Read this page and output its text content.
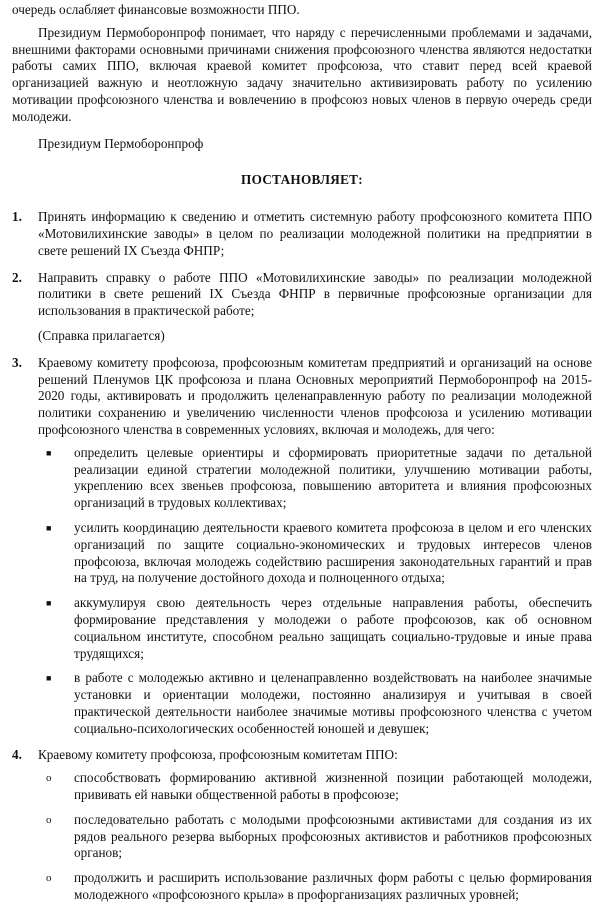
очередь ослабляет финансовые возможности ППО.

Президиум Пермоборонпроф понимает, что наряду с перечисленными проблемами и задачами, внешними факторами основными причинами снижения профсоюзного членства являются недостатки работы самих ППО, включая краевой комитет профсоюза, что ставит перед всей краевой организацией важную и неотложную задачу значительно активизировать работу по усилению мотивации профсоюзного членства и вовлечению в профсоюз новых членов в первую очередь среди молодежи.

Президиум Пермоборонпроф

ПОСТАНОВЛЯЕТ:
1.	Принять информацию к сведению и отметить системную работу профсоюзного комитета ППО «Мотовилихинские заводы» в целом по реализации молодежной политики на предприятии в свете решений IX Съезда ФНПР;
2.	Направить справку о работе ППО «Мотовилихинские заводы» по реализации молодежной политики в свете решений IX Съезда ФНПР в первичные профсоюзные организации для использования в практической работе;

(Справка прилагается)

3.	Краевому комитету профсоюза, профсоюзным комитетам предприятий и организаций на основе решений Пленумов ЦК профсоюза и плана Основных мероприятий Пермоборонпроф на 2015-2020 годы, активировать и продолжить целенаправленную работу по реализации молодежной политики сохранению и увеличению численности членов профсоюза и усилению мотивации профсоюзного членства в современных условиях, включая и молодежь, для чего:
■	определить целевые ориентиры и сформировать приоритетные задачи по детальной реализации единой стратегии молодежной политики, улучшению мотивации работы, укреплению всех звеньев профсоюза, повышению авторитета и влияния профсоюзных организаций в трудовых коллективах;
■	усилить координацию деятельности краевого комитета профсоюза в целом и его членских организаций по защите социально-экономических и трудовых интересов членов профсоюза, включая молодежь содействию расширения законодательных гарантий и прав на труд, на получение достойного дохода и полноценного отдыха;
■	аккумулируя свою деятельность через отдельные направления работы, обеспечить формирование представления у молодежи о работе профсоюзов, как об основном социальном институте, способном реально защищать социально-трудовые и иные права трудящихся;
■	в работе с молодежью активно и целенаправленно воздействовать на наиболее значимые установки и ориентации молодежи, постоянно анализируя и учитывая в своей практической деятельности наиболее значимые мотивы профсоюзного членства с учетом социально-психологических особенностей юношей и девушек;
4.	Краевому комитету профсоюза, профсоюзным комитетам ППО:
o	способствовать формированию активной жизненной позиции работающей молодежи, прививать ей навыки общественной работы в профсоюзе;
o	последовательно работать с молодыми профсоюзными активистами для создания из их рядов реального резерва выборных профсоюзных активистов и работников профсоюзных органов;
o	продолжить и расширить использование различных форм работы с целью формирования молодежного «профсоюзного крыла» в профорганизациях различных уровней;
